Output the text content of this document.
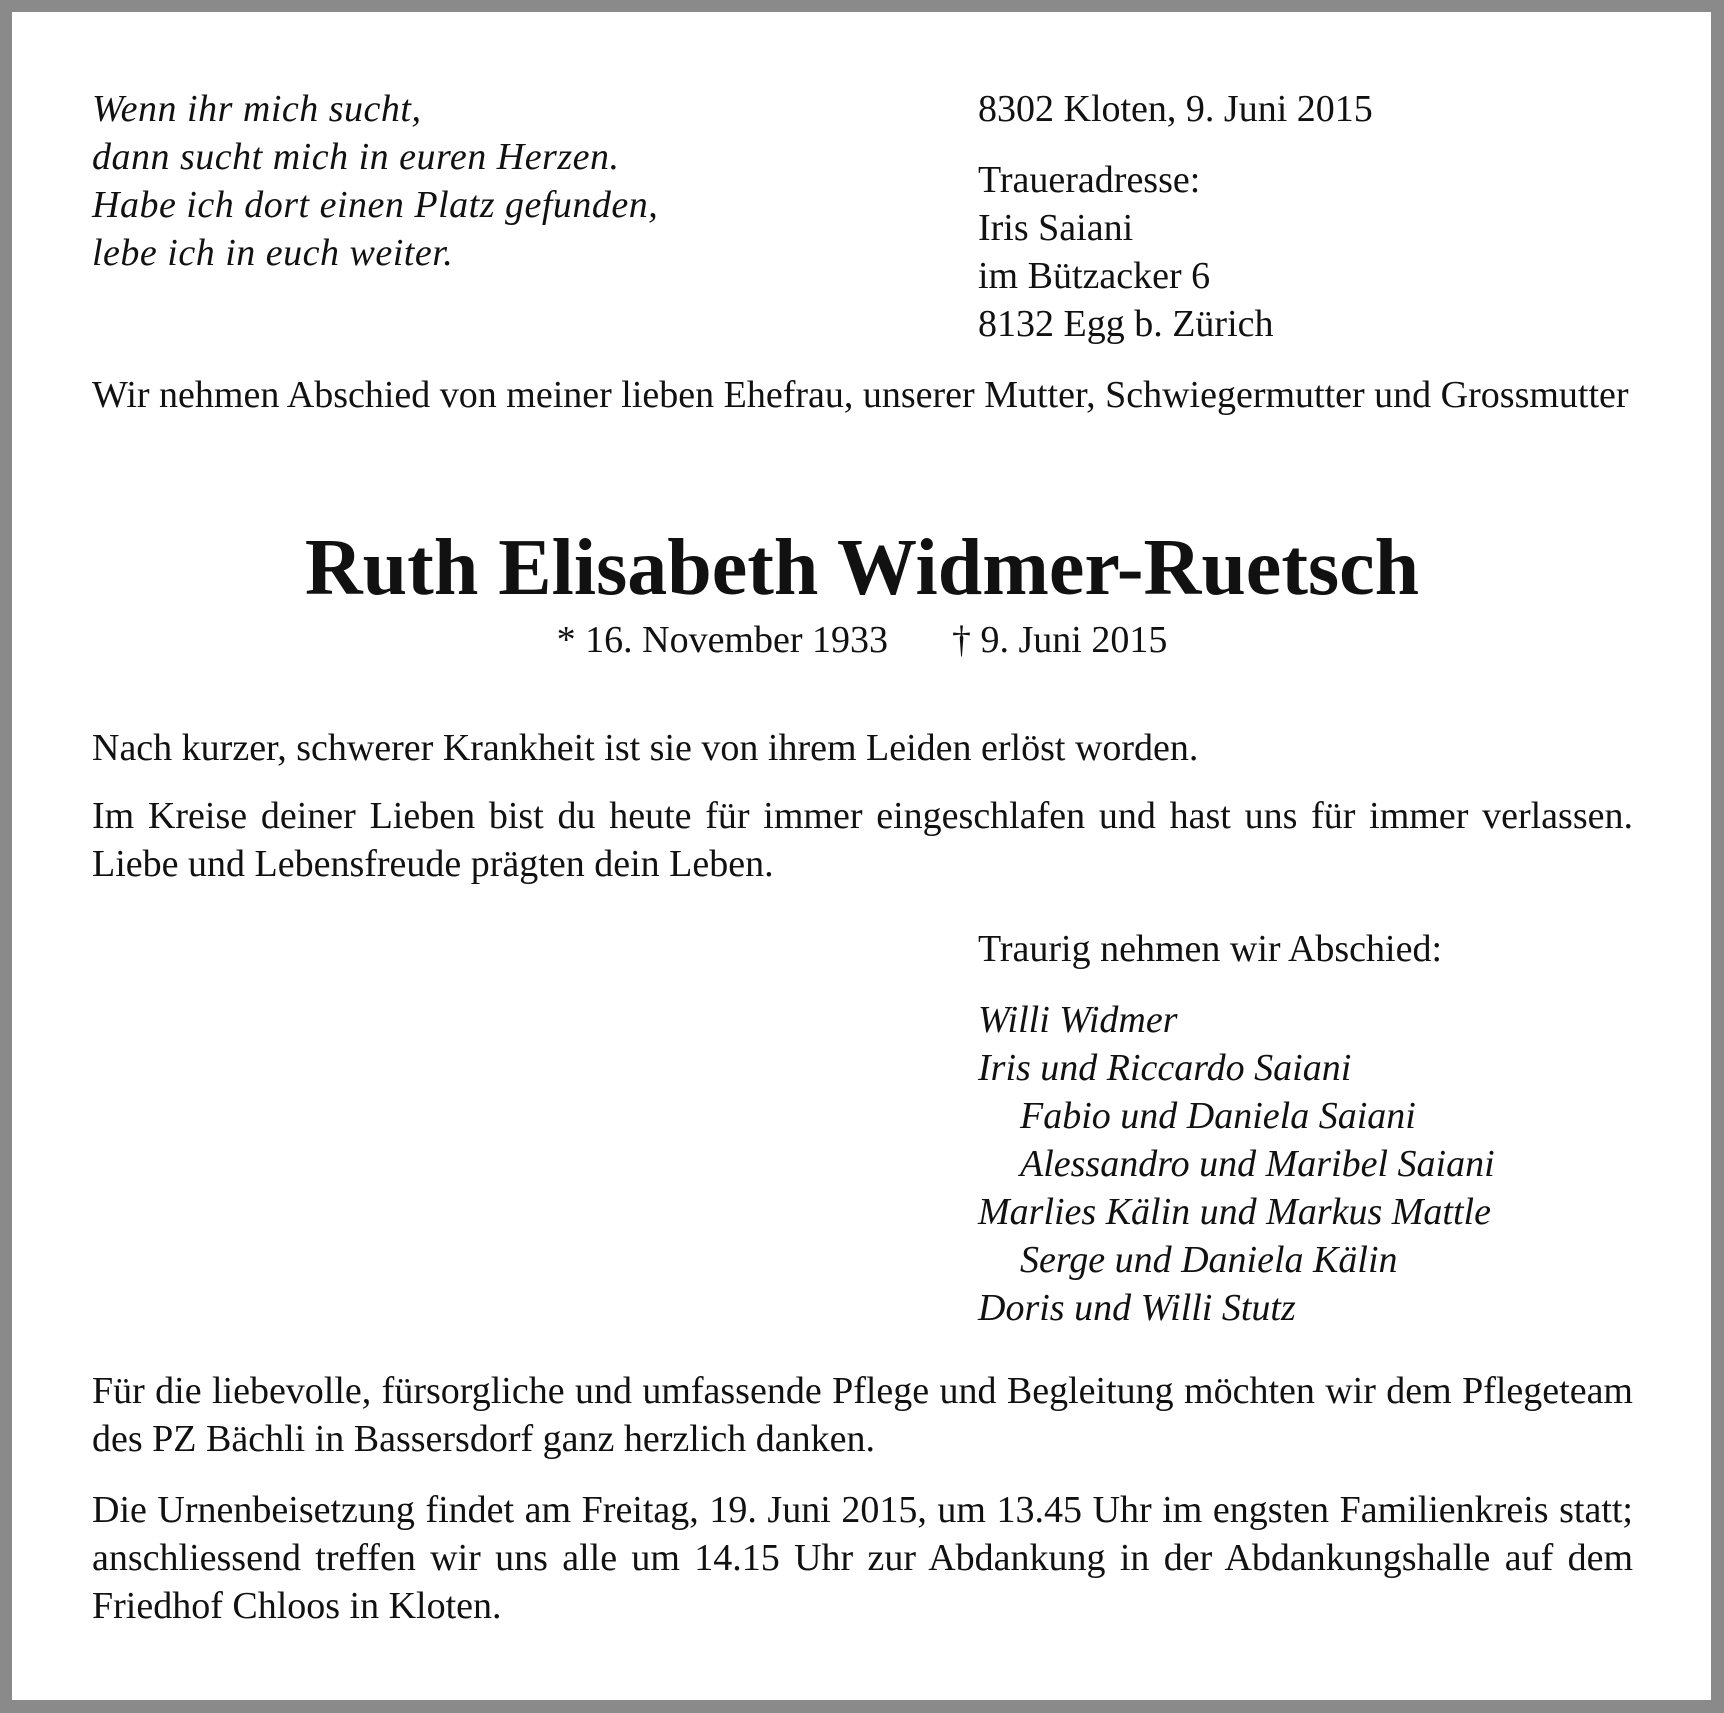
Wenn ihr mich sucht,
dann sucht mich in euren Herzen.
Habe ich dort einen Platz gefunden,
lebe ich in euch weiter.
8302 Kloten, 9. Juni 2015
Traueradresse:
Iris Saiani
im Bützacker 6
8132 Egg b. Zürich
Wir nehmen Abschied von meiner lieben Ehefrau, unserer Mutter, Schwiegermutter und Grossmutter
Ruth Elisabeth Widmer-Ruetsch
* 16. November 1933 † 9. Juni 2015
Nach kurzer, schwerer Krankheit ist sie von ihrem Leiden erlöst worden.
Im Kreise deiner Lieben bist du heute für immer eingeschlafen und hast uns für immer verlassen. Liebe und Lebensfreude prägten dein Leben.
Traurig nehmen wir Abschied:
Willi Widmer
Iris und Riccardo Saiani
Fabio und Daniela Saiani
Alessandro und Maribel Saiani
Marlies Kälin und Markus Mattle
Serge und Daniela Kälin
Doris und Willi Stutz
Für die liebevolle, fürsorgliche und umfassende Pflege und Begleitung möchten wir dem Pflegeteam des PZ Bächli in Bassersdorf ganz herzlich danken.
Die Urnenbeisetzung findet am Freitag, 19. Juni 2015, um 13.45 Uhr im engsten Familienkreis statt; anschliessend treffen wir uns alle um 14.15 Uhr zur Abdankung in der Abdankungshalle auf dem Friedhof Chloos in Kloten.
